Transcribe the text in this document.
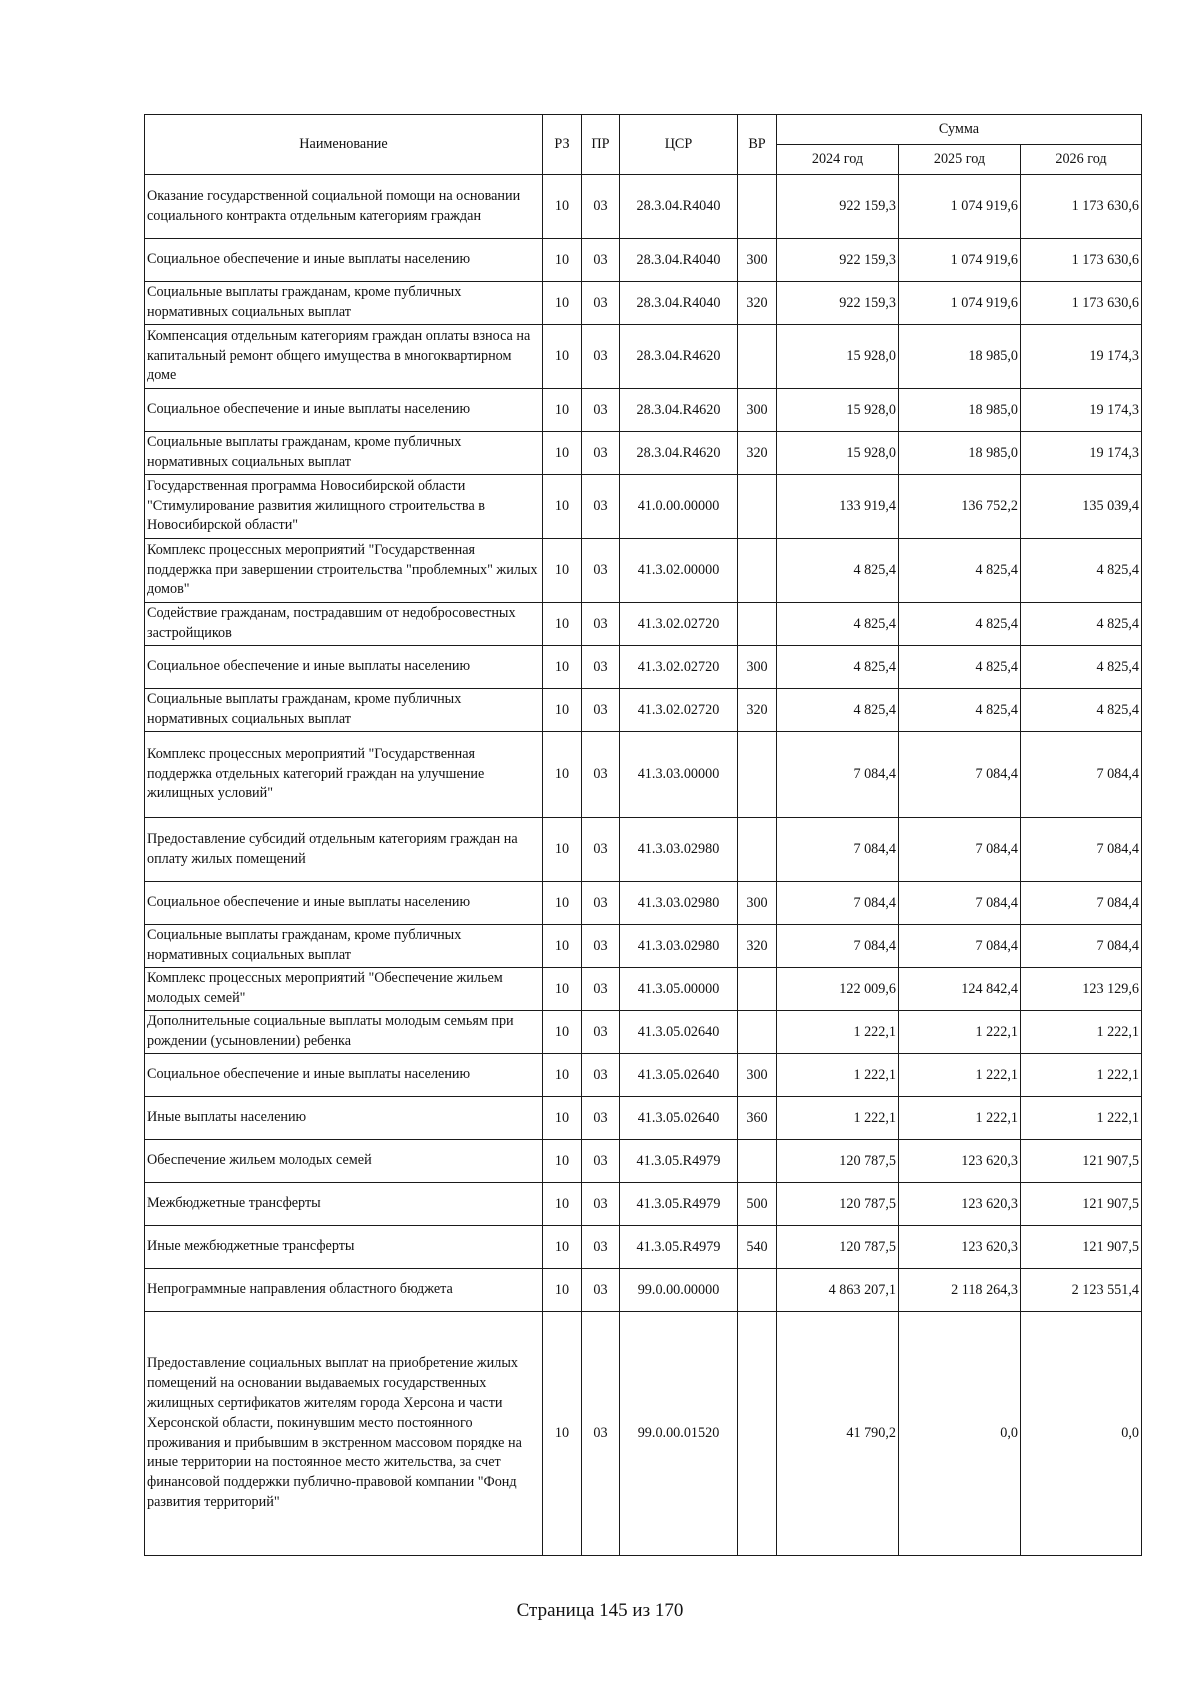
Наименование	РЗ	ПР	ЦСР	ВР	Сумма		
					2024 год	2025 год	2026 год
Оказание государственной социальной помощи на основании социального контракта отдельным категориям граждан	10	03	28.3.04.R4040		922 159,3	1 074 919,6	1 173 630,6
Социальное обеспечение и иные выплаты населению	10	03	28.3.04.R4040	300	922 159,3	1 074 919,6	1 173 630,6
Социальные выплаты гражданам, кроме публичных нормативных социальных выплат	10	03	28.3.04.R4040	320	922 159,3	1 074 919,6	1 173 630,6
Компенсация отдельным категориям граждан оплаты взноса на капитальный ремонт общего имущества в многоквартирном доме	10	03	28.3.04.R4620		15 928,0	18 985,0	19 174,3
Социальное обеспечение и иные выплаты населению	10	03	28.3.04.R4620	300	15 928,0	18 985,0	19 174,3
Социальные выплаты гражданам, кроме публичных нормативных социальных выплат	10	03	28.3.04.R4620	320	15 928,0	18 985,0	19 174,3
Государственная программа Новосибирской области "Стимулирование развития жилищного строительства в Новосибирской области"	10	03	41.0.00.00000		133 919,4	136 752,2	135 039,4
Комплекс процессных мероприятий "Государственная поддержка при завершении строительства "проблемных" жилых домов"	10	03	41.3.02.00000		4 825,4	4 825,4	4 825,4
Содействие гражданам, пострадавшим от недобросовестных застройщиков	10	03	41.3.02.02720		4 825,4	4 825,4	4 825,4
Социальное обеспечение и иные выплаты населению	10	03	41.3.02.02720	300	4 825,4	4 825,4	4 825,4
Социальные выплаты гражданам, кроме публичных нормативных социальных выплат	10	03	41.3.02.02720	320	4 825,4	4 825,4	4 825,4
Комплекс процессных мероприятий "Государственная поддержка отдельных категорий граждан на улучшение жилищных условий"	10	03	41.3.03.00000		7 084,4	7 084,4	7 084,4
Предоставление субсидий отдельным категориям граждан на оплату жилых помещений	10	03	41.3.03.02980		7 084,4	7 084,4	7 084,4
Социальное обеспечение и иные выплаты населению	10	03	41.3.03.02980	300	7 084,4	7 084,4	7 084,4
Социальные выплаты гражданам, кроме публичных нормативных социальных выплат	10	03	41.3.03.02980	320	7 084,4	7 084,4	7 084,4
Комплекс процессных мероприятий "Обеспечение жильем молодых семей"	10	03	41.3.05.00000		122 009,6	124 842,4	123 129,6
Дополнительные социальные выплаты молодым семьям при рождении (усыновлении) ребенка	10	03	41.3.05.02640		1 222,1	1 222,1	1 222,1
Социальное обеспечение и иные выплаты населению	10	03	41.3.05.02640	300	1 222,1	1 222,1	1 222,1
Иные выплаты населению	10	03	41.3.05.02640	360	1 222,1	1 222,1	1 222,1
Обеспечение жильем молодых семей	10	03	41.3.05.R4979		120 787,5	123 620,3	121 907,5
Межбюджетные трансферты	10	03	41.3.05.R4979	500	120 787,5	123 620,3	121 907,5
Иные межбюджетные трансферты	10	03	41.3.05.R4979	540	120 787,5	123 620,3	121 907,5
Непрограммные направления областного бюджета	10	03	99.0.00.00000		4 863 207,1	2 118 264,3	2 123 551,4
Предоставление социальных выплат на приобретение жилых помещений на основании выдаваемых государственных жилищных сертификатов жителям города Херсона и части Херсонской области, покинувшим место постоянного проживания и прибывшим в экстренном массовом порядке на иные территории на постоянное место жительства, за счет финансовой поддержки публично-правовой компании "Фонд развития территорий"	10	03	99.0.00.01520		41 790,2	0,0	0,0
Страница 145 из 170
